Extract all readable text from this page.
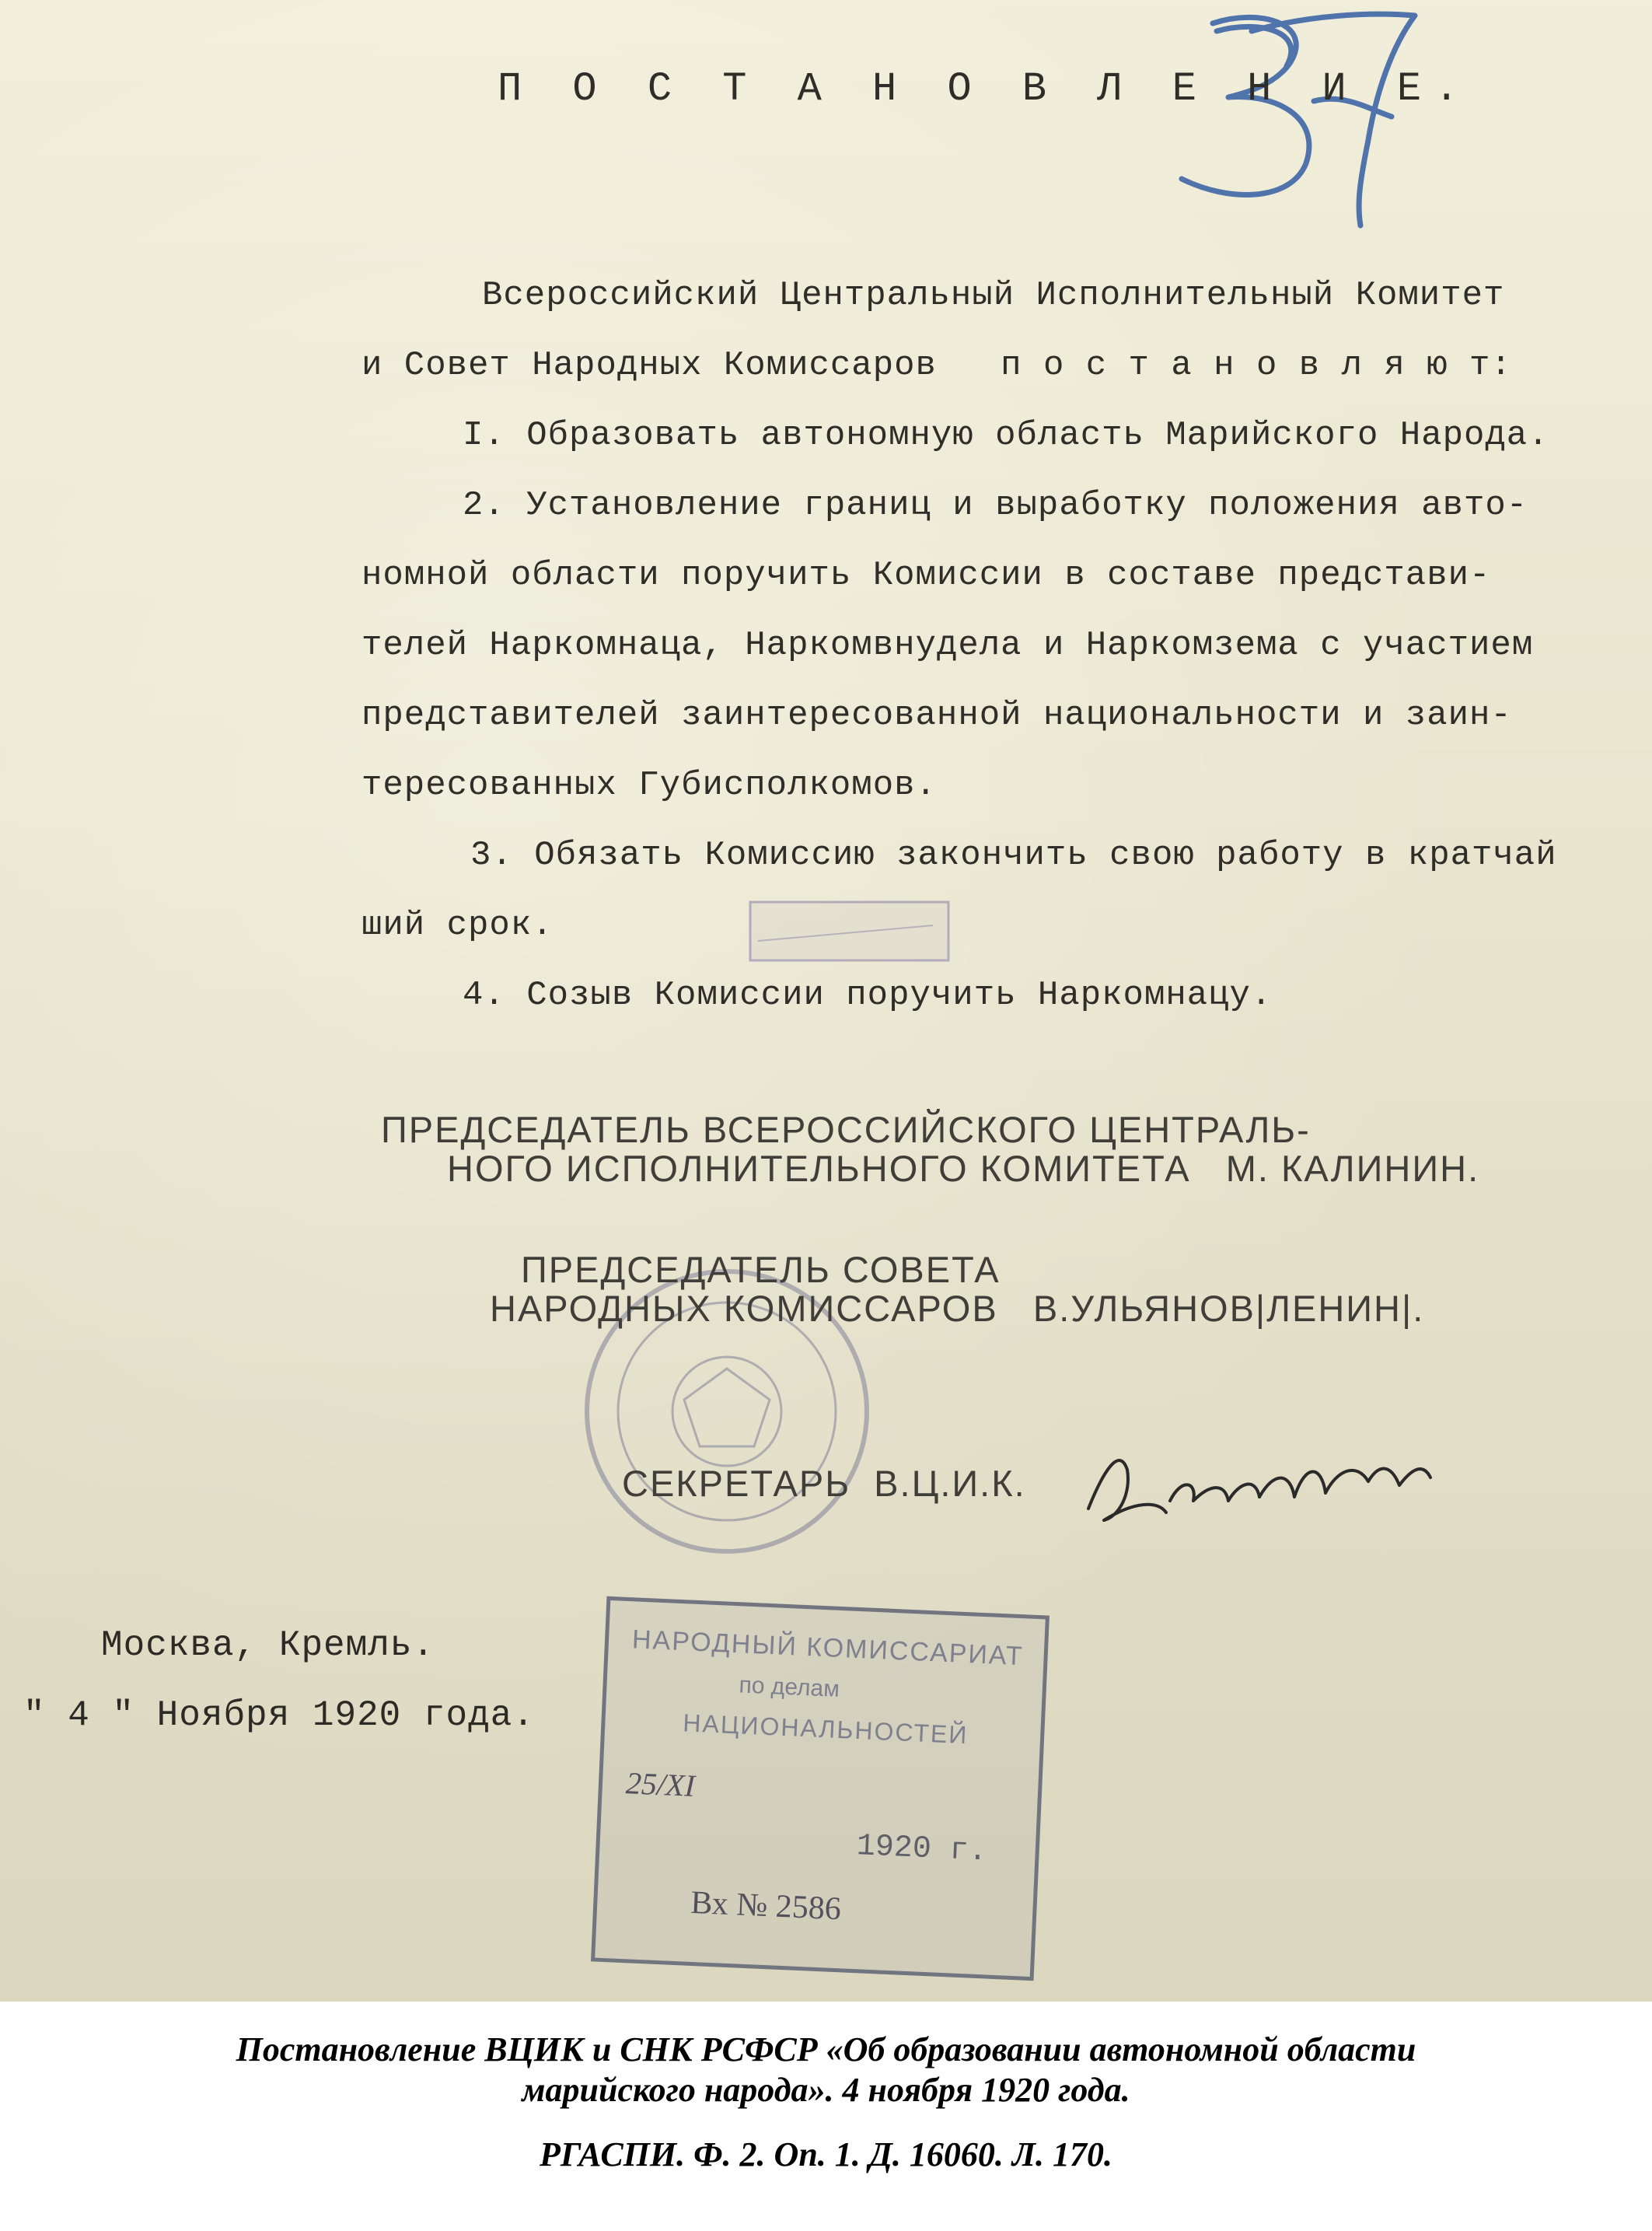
П О С Т А Н О В Л Е Н И Е.
Всероссийский Центральный Исполнительный Комитет
и Совет Народных Комиссаров   п о с т а н о в л я ю т:
I. Образовать автономную область Марийского Народа.
2. Установление границ и выработку положения авто-
номной области поручить Комиссии в составе представи-
телей Наркомнаца, Наркомвнудела и Наркомзема с участием
представителей заинтересованной национальности и заин-
тересованных Губисполкомов.
3. Обязать Комиссию закончить свою работу в кратчай
ший срок.
4. Созыв Комиссии поручить Наркомнацу.
ПРЕДСЕДАТЕЛЬ ВСЕРОССИЙСКОГО ЦЕНТРАЛЬ-
НОГО ИСПОЛНИТЕЛЬНОГО КОМИТЕТА   М. КАЛИНИН.
ПРЕДСЕДАТЕЛЬ СОВЕТА
НАРОДНЫХ КОМИССАРОВ   В.УЛЬЯНОВ|ЛЕНИН|.
СЕКРЕТАРЬ  В.Ц.И.К.
Москва, Кремль.
" 4 " Ноября 1920 года.
НАРОДНЫЙ КОМИССАРИАТ
по делам
НАЦИОНАЛЬНОСТЕЙ
25/XI
1920 г.
Вх № 2586
Постановление ВЦИК и СНК РСФСР «Об образовании автономной области
марийского народа». 4 ноября 1920 года.
РГАСПИ. Ф. 2. Оп. 1. Д. 16060. Л. 170.
